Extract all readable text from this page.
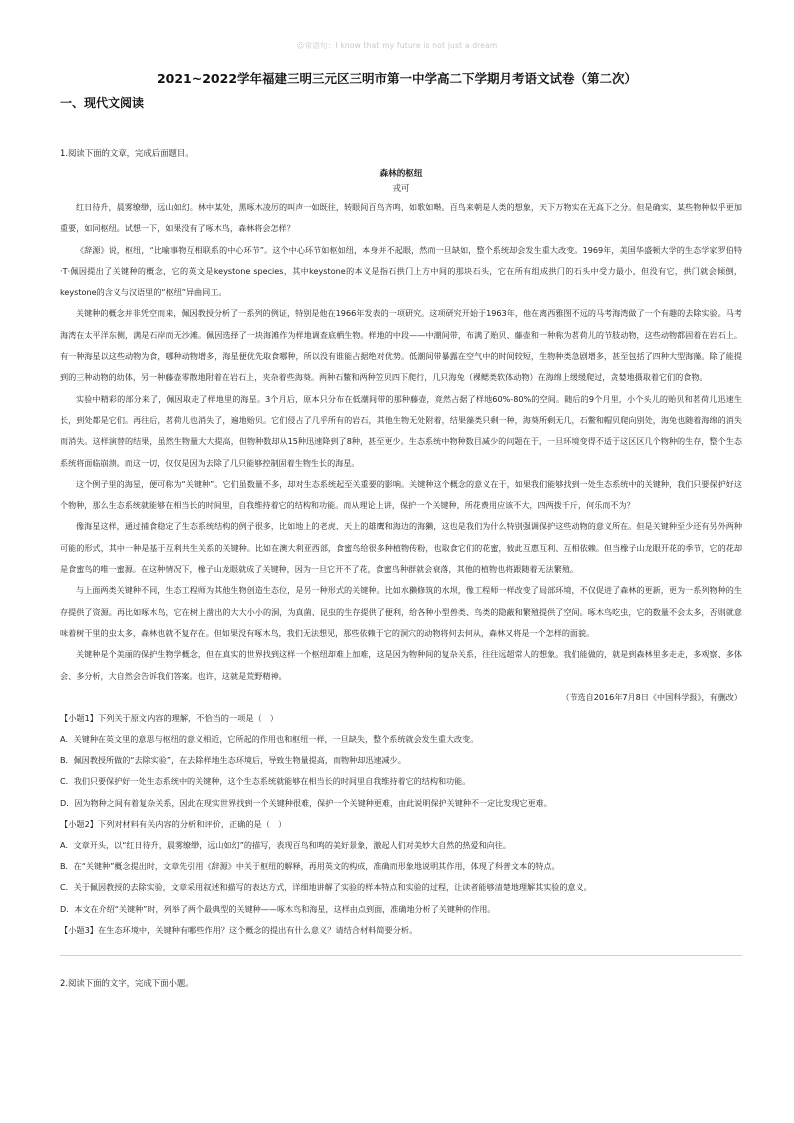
☺常语句：I know that my future is not just a dream
2021~2022学年福建三明三元区三明市第一中学高二下学期月考语文试卷（第二次）
一、现代文阅读

1.阅读下面的文章，完成后面题目。

森林的枢纽

戎可

红日待升，晨雾缭缈，远山如幻。林中某处，黑啄木凌厉的叫声一如既往，转眼间百鸟齐鸣，如歌如啭。百鸟来朝是人类的想象，天下万物实在无高下之分。但是确实，某些物种似乎更加重要，如同枢纽。试想一下，如果没有了啄木鸟，森林将会怎样？

《辞源》说，枢纽，“比喻事物互相联系的中心环节”。这个中心环节如枢如纽，本身并不起眼，然而一旦缺如，整个系统却会发生重大改变。1969年，美国华盛顿大学的生态学家罗伯特·T·佩因提出了关键种的概念，它的英文是keystone species，其中keystone的本义是指石拱门上方中间的那块石头，它在所有组成拱门的石头中受力最小，但没有它，拱门就会倾倒，keystone的含义与汉语里的“枢纽”异曲同工。

关键种的概念并非凭空而来，佩因教授分析了一系列的例证，特别是他在1966年发表的一项研究。这项研究开始于1963年，他在离西雅图不远的马考海湾做了一个有趣的去除实验。马考海湾在太平洋东侧，满是石岸而无沙滩。佩因选择了一块海滩作为样地调查底栖生物。样地的中段——中潮间带，布满了贻贝、藤壶和一种称为茗荷儿的节肢动物，这些动物都固着在岩石上。有一种海星以这些动物为食，哪种动物增多，海星便优先取食哪种，所以没有谁能占据绝对优势。低潮间带暴露在空气中的时间较短，生物种类急剧增多，甚至包括了四种大型海藻。除了能提到的三种动物的幼体，另一种藤壶零散地附着在岩石上，夹杂着些海葵。两种石鳖和两种笠贝四下爬行，几只海兔（裸鳃类软体动物）在海绵上缓缓爬过，贪婪地摄取着它们的食物。

实验中精彩的部分来了，佩因取走了样地里的海星。3个月后，原本只分布在低潮间带的那种藤壶，竟然占据了样地60%-80%的空间。随后的9个月里，小个头儿的贻贝和茗荷儿迅速生长，到处都是它们。再往后，茗荷儿也消失了，遍地贻贝。它们侵占了几乎所有的岩石，其他生物无处附着，结果藻类只剩一种，海葵所剩无几，石鳖和帽贝爬向别处，海兔也随着海绵的消失而消失。这样演替的结果，虽然生物量大大提高，但物种数却从15种迅速降到了8种，甚至更少。生态系统中物种数目减少的问题在于，一旦环境变得不适于这区区几个物种的生存，整个生态系统将面临崩溃。而这一切，仅仅是因为去除了几只能够控制固着生物生长的海星。

这个例子里的海星，便可称为“关键种”。它们虽数量不多，却对生态系统起至关重要的影响。关键种这个概念的意义在于，如果我们能够找到一处生态系统中的关键种，我们只要保护好这个物种，那么生态系统就能够在相当长的时间里，自我维持着它的结构和功能。而从理论上讲，保护一个关键种，所花费用应该不大，四两拨千斤，何乐而不为？

像海星这样，通过捕食稳定了生态系统结构的例子很多，比如地上的老虎、天上的雄鹰和海边的海獭，这也是我们为什么特别强调保护这些动物的意义所在。但是关键种至少还有另外两种可能的形式，其中一种是基于互利共生关系的关键种。比如在澳大利亚西部，食蜜鸟给很多种植物传粉，也取食它们的花蜜，彼此互惠互利、互相依赖。但当橡子山龙眼开花的季节，它的花却是食蜜鸟的唯一蜜源。在这种情况下，橡子山龙眼就成了关键种，因为一旦它开不了花，食蜜鸟种群就会衰落，其他的植物也将跟随着无法繁殖。

与上面两类关键种不同，生态工程师为其他生物创造生态位，是另一种形式的关键种。比如水獭修筑的水坝，像工程师一样改变了局部环境，不仅促进了森林的更新，更为一系列物种的生存提供了资源。再比如啄木鸟，它在树上凿出的大大小小的洞，为真菌、昆虫的生存提供了便利，给各种小型兽类、鸟类的隐蔽和繁殖提供了空间。啄木鸟吃虫，它的数量不会太多，否则就意味着树干里的虫太多，森林也就不复存在。但如果没有啄木鸟，我们无法想见，那些依赖于它的洞穴的动物将何去何从，森林又将是一个怎样的面貌。

关键种是个美丽的保护生物学概念，但在真实的世界找到这样一个枢纽却难上加难，这是因为物种间的复杂关系，往往远超常人的想象。我们能做的，就是到森林里多走走，多观察、多体会、多分析，大自然会告诉我们答案。也许，这就是荒野精神。

（节选自2016年7月8日《中国科学报》，有删改）

【小题1】下列关于原文内容的理解，不恰当的一项是（　）

A．关键种在英文里的意思与枢纽的意义相近，它所起的作用也和枢纽一样，一旦缺失，整个系统就会发生重大改变。

B．佩因教授所做的“去除实验”，在去除样地生态环境后，导致生物量提高，而物种却迅速减少。

C．我们只要保护好一处生态系统中的关键种，这个生态系统就能够在相当长的时间里自我维持着它的结构和功能。

D．因为物种之间有着复杂关系，因此在现实世界找到一个关键种很难，保护一个关键种更难，由此说明保护关键种不一定比发现它更难。

【小题2】下列对材料有关内容的分析和评价，正确的是（　）

A．文章开头，以“红日待升，晨雾缭缈，远山如幻”的描写，表现百鸟和鸣的美好景象，激起人们对美妙大自然的热爱和向往。

B．在“关键种”概念提出时，文章先引用《辞源》中关于枢纽的解释，再用英文的构成，准确而形象地说明其作用，体现了科普文本的特点。

C．关于佩因教授的去除实验，文章采用叙述和描写的表达方式，详细地讲解了实验的样本特点和实验的过程，让读者能够清楚地理解其实验的意义。

D．本文在介绍“关键种”时，列举了两个最典型的关键种——啄木鸟和海星，这样由点到面，准确地分析了关键种的作用。

【小题3】在生态环境中，关键种有哪些作用？这个概念的提出有什么意义？请结合材料简要分析。

2.阅读下面的文字，完成下面小题。
